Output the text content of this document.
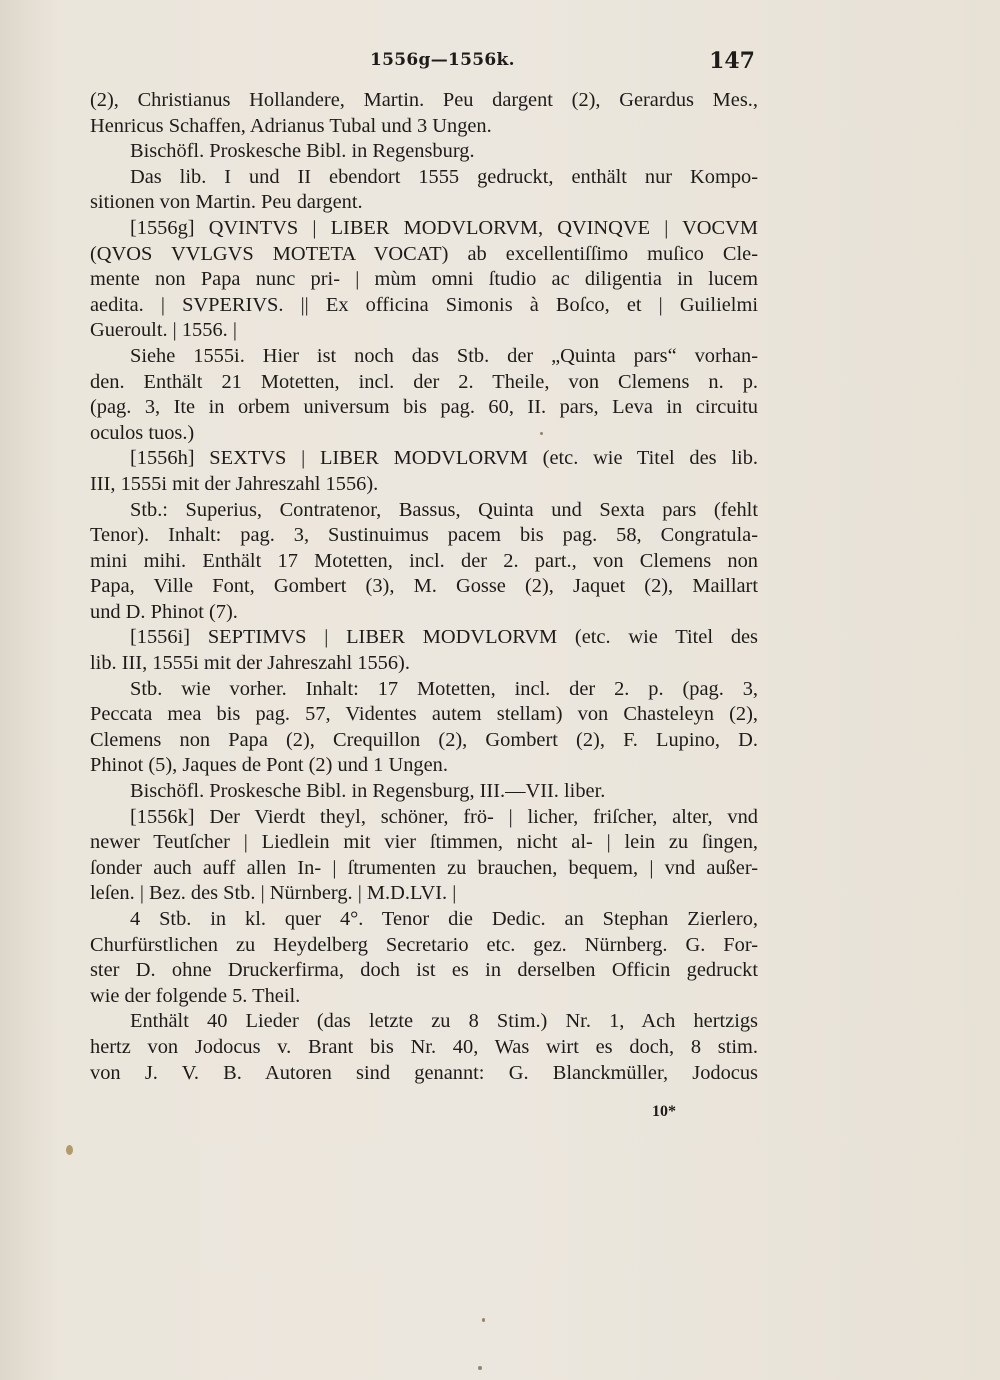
1556g—1556k.	147
(2), Christianus Hollandere, Martin. Peu dargent (2), Gerardus Mes.,
Henricus Schaffen, Adrianus Tubal und 3 Ungen.
Bischöfl. Proskesche Bibl. in Regensburg.
Das lib. I und II ebendort 1555 gedruckt, enthält nur Kompo-
sitionen von Martin. Peu dargent.
[1556g] QVINTVS | LIBER MODVLORVM, QVINQVE | VOCVM
(QVOS VVLGVS MOTETA VOCAT) ab excellentiſſimo muſico Cle-
mente non Papa nunc pri- | mùm omni ſtudio ac diligentia in lucem
aedita. | SVPERIVS. || Ex officina Simonis à Boſco, et | Guilielmi
Gueroult. | 1556. |
Siehe 1555i. Hier ist noch das Stb. der „Quinta pars“ vorhan-
den. Enthält 21 Motetten, incl. der 2. Theile, von Clemens n. p.
(pag. 3, Ite in orbem universum bis pag. 60, II. pars, Leva in circuitu
oculos tuos.)
[1556h] SEXTVS | LIBER MODVLORVM (etc. wie Titel des lib.
III, 1555i mit der Jahreszahl 1556).
Stb.: Superius, Contratenor, Bassus, Quinta und Sexta pars (fehlt
Tenor). Inhalt: pag. 3, Sustinuimus pacem bis pag. 58, Congratula-
mini mihi. Enthält 17 Motetten, incl. der 2. part., von Clemens non
Papa, Ville Font, Gombert (3), M. Gosse (2), Jaquet (2), Maillart
und D. Phinot (7).
[1556i] SEPTIMVS | LIBER MODVLORVM (etc. wie Titel des
lib. III, 1555i mit der Jahreszahl 1556).
Stb. wie vorher. Inhalt: 17 Motetten, incl. der 2. p. (pag. 3,
Peccata mea bis pag. 57, Videntes autem stellam) von Chasteleyn (2),
Clemens non Papa (2), Crequillon (2), Gombert (2), F. Lupino, D.
Phinot (5), Jaques de Pont (2) und 1 Ungen.
Bischöfl. Proskesche Bibl. in Regensburg, III.—VII. liber.
[1556k] Der Vierdt theyl, schöner, frö- | licher, friſcher, alter, vnd
newer Teutſcher | Liedlein mit vier ſtimmen, nicht al- | lein zu ſingen,
ſonder auch auff allen In- | ſtrumenten zu brauchen, bequem, | vnd außer-
leſen. | Bez. des Stb. | Nürnberg. | M.D.LVI. |
4 Stb. in kl. quer 4°. Tenor die Dedic. an Stephan Zierlero,
Churfürstlichen zu Heydelberg Secretario etc. gez. Nürnberg. G. For-
ster D. ohne Druckerfirma, doch ist es in derselben Officin gedruckt
wie der folgende 5. Theil.
Enthält 40 Lieder (das letzte zu 8 Stim.) Nr. 1, Ach hertzigs
hertz von Jodocus v. Brant bis Nr. 40, Was wirt es doch, 8 stim.
von J. V. B. Autoren sind genannt: G. Blanckmüller, Jodocus
10*
